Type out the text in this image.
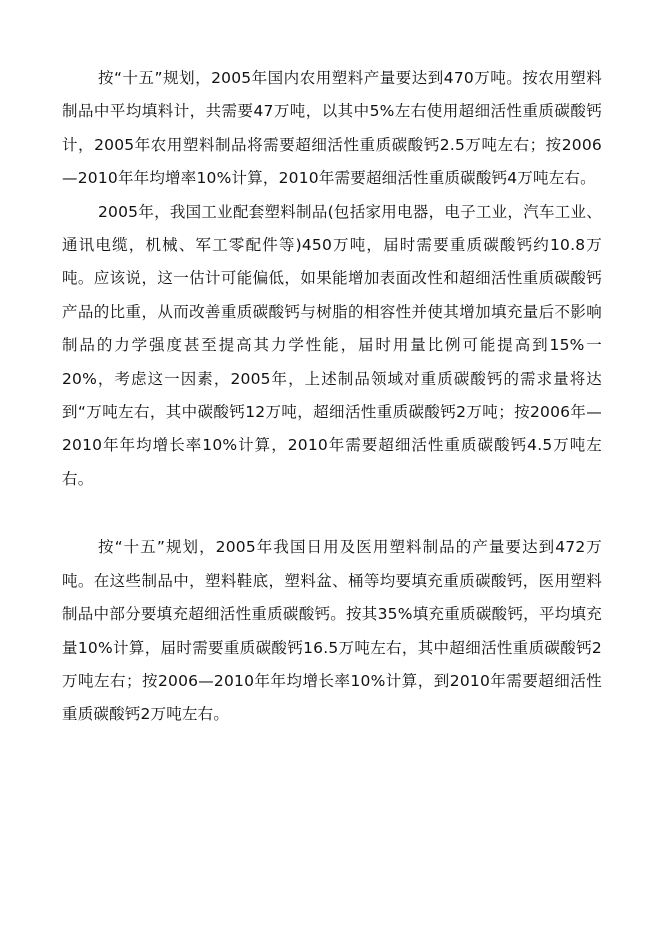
按“十五”规划，2005年国内农用塑料产量要达到470万吨。按农用塑料制品中平均填料计，共需要47万吨，以其中5%左右使用超细活性重质碳酸钙计，2005年农用塑料制品将需要超细活性重质碳酸钙2.5万吨左右；按2006—2010年年均增率10%计算，2010年需要超细活性重质碳酸钙4万吨左右。

2005年，我国工业配套塑料制品(包括家用电器，电子工业，汽车工业、通讯电缆，机械、军工零配件等)450万吨，届时需要重质碳酸钙约10.8万吨。应该说，这一估计可能偏低，如果能增加表面改性和超细活性重质碳酸钙产品的比重，从而改善重质碳酸钙与树脂的相容性并使其增加填充量后不影响制品的力学强度甚至提高其力学性能，届时用量比例可能提高到15%一20%，考虑这一因素，2005年，上述制品领域对重质碳酸钙的需求量将达到“万吨左右，其中碳酸钙12万吨，超细活性重质碳酸钙2万吨；按2006年—2010年年均增长率10%计算，2010年需要超细活性重质碳酸钙4.5万吨左右。

按“十五”规划，2005年我国日用及医用塑料制品的产量要达到472万吨。在这些制品中，塑料鞋底，塑料盆、桶等均要填充重质碳酸钙，医用塑料制品中部分要填充超细活性重质碳酸钙。按其35%填充重质碳酸钙，平均填充量10%计算，届时需要重质碳酸钙16.5万吨左右，其中超细活性重质碳酸钙2万吨左右；按2006—2010年年均增长率10%计算，到2010年需要超细活性重质碳酸钙2万吨左右。
